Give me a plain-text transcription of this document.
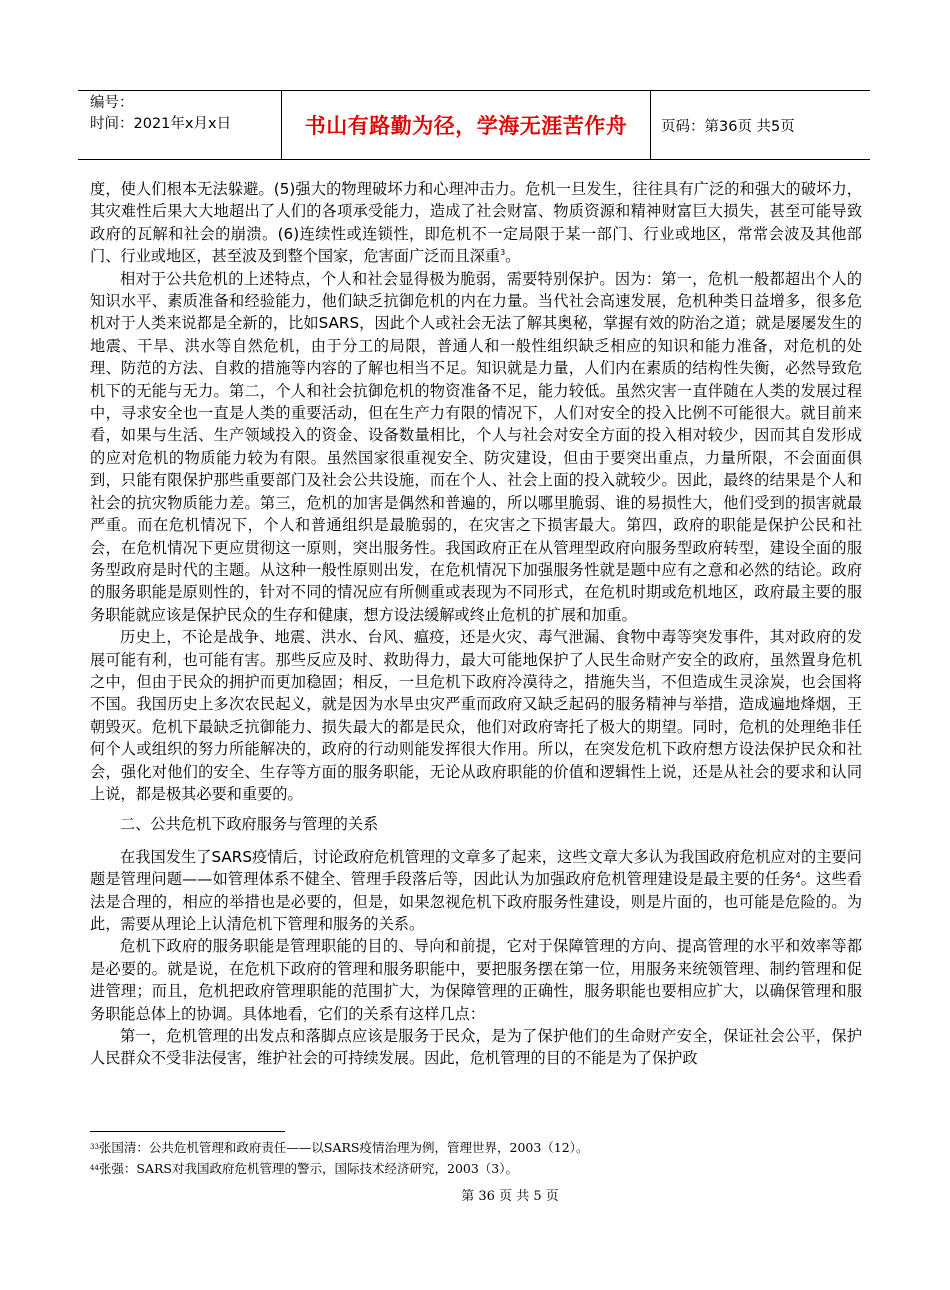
编号：
时间：2021年x月x日	书山有路勤为径，学海无涯苦作舟	页码：第36页 共5页

度，使人们根本无法躲避。(5)强大的物理破坏力和心理冲击力。危机一旦发生，往往具有广泛的和强大的破坏力，其灾难性后果大大地超出了人们的各项承受能力，造成了社会财富、物质资源和精神财富巨大损失，甚至可能导致政府的瓦解和社会的崩溃。(6)连续性或连锁性，即危机不一定局限于某一部门、行业或地区，常常会波及其他部门、行业或地区，甚至波及到整个国家，危害面广泛而且深重$^3$。

相对于公共危机的上述特点，个人和社会显得极为脆弱，需要特别保护。因为：第一，危机一般都超出个人的知识水平、素质准备和经验能力，他们缺乏抗御危机的内在力量。当代社会高速发展，危机种类日益增多，很多危机对于人类来说都是全新的，比如SARS，因此个人或社会无法了解其奥秘，掌握有效的防治之道；就是屡屡发生的地震、干旱、洪水等自然危机，由于分工的局限，普通人和一般性组织缺乏相应的知识和能力准备，对危机的处理、防范的方法、自救的措施等内容的了解也相当不足。知识就是力量，人们内在素质的结构性失衡，必然导致危机下的无能与无力。第二，个人和社会抗御危机的物资准备不足，能力较低。虽然灾害一直伴随在人类的发展过程中，寻求安全也一直是人类的重要活动，但在生产力有限的情况下，人们对安全的投入比例不可能很大。就目前来看，如果与生活、生产领域投入的资金、设备数量相比，个人与社会对安全方面的投入相对较少，因而其自发形成的应对危机的物质能力较为有限。虽然国家很重视安全、防灾建设，但由于要突出重点，力量所限，不会面面俱到，只能有限保护那些重要部门及社会公共设施，而在个人、社会上面的投入就较少。因此，最终的结果是个人和社会的抗灾物质能力差。第三，危机的加害是偶然和普遍的，所以哪里脆弱、谁的易损性大，他们受到的损害就最严重。而在危机情况下，个人和普通组织是最脆弱的，在灾害之下损害最大。第四，政府的职能是保护公民和社会，在危机情况下更应贯彻这一原则，突出服务性。我国政府正在从管理型政府向服务型政府转型，建设全面的服务型政府是时代的主题。从这种一般性原则出发，在危机情况下加强服务性就是题中应有之意和必然的结论。政府的服务职能是原则性的，针对不同的情况应有所侧重或表现为不同形式，在危机时期或危机地区，政府最主要的服务职能就应该是保护民众的生存和健康，想方设法缓解或终止危机的扩展和加重。

历史上，不论是战争、地震、洪水、台风、瘟疫，还是火灾、毒气泄漏、食物中毒等突发事件，其对政府的发展可能有利，也可能有害。那些反应及时、救助得力，最大可能地保护了人民生命财产安全的政府，虽然置身危机之中，但由于民众的拥护而更加稳固；相反，一旦危机下政府冷漠待之，措施失当，不但造成生灵涂炭，也会国将不国。我国历史上多次农民起义，就是因为水旱虫灾严重而政府又缺乏起码的服务精神与举措，造成遍地烽烟，王朝毁灭。危机下最缺乏抗御能力、损失最大的都是民众，他们对政府寄托了极大的期望。同时，危机的处理绝非任何个人或组织的努力所能解决的，政府的行动则能发挥很大作用。所以，在突发危机下政府想方设法保护民众和社会，强化对他们的安全、生存等方面的服务职能，无论从政府职能的价值和逻辑性上说，还是从社会的要求和认同上说，都是极其必要和重要的。

二、公共危机下政府服务与管理的关系

在我国发生了SARS疫情后，讨论政府危机管理的文章多了起来，这些文章大多认为我国政府危机应对的主要问题是管理问题——如管理体系不健全、管理手段落后等，因此认为加强政府危机管理建设是最主要的任务$^4$。这些看法是合理的，相应的举措也是必要的，但是，如果忽视危机下政府服务性建设，则是片面的，也可能是危险的。为此，需要从理论上认清危机下管理和服务的关系。

危机下政府的服务职能是管理职能的目的、导向和前提，它对于保障管理的方向、提高管理的水平和效率等都是必要的。就是说，在危机下政府的管理和服务职能中，要把服务摆在第一位，用服务来统领管理、制约管理和促进管理；而且，危机把政府管理职能的范围扩大，为保障管理的正确性，服务职能也要相应扩大，以确保管理和服务职能总体上的协调。具体地看，它们的关系有这样几点：

第一，危机管理的出发点和落脚点应该是服务于民众，是为了保护他们的生命财产安全，保证社会公平，保护人民群众不受非法侵害，维护社会的可持续发展。因此，危机管理的目的不能是为了保护政

$^{33}$张国清：公共危机管理和政府责任——以SARS疫情治理为例，管理世界，2003（12）。

$^{44}$张强：SARS对我国政府危机管理的警示，国际技术经济研究，2003（3）。

第 36 页 共 5 页
